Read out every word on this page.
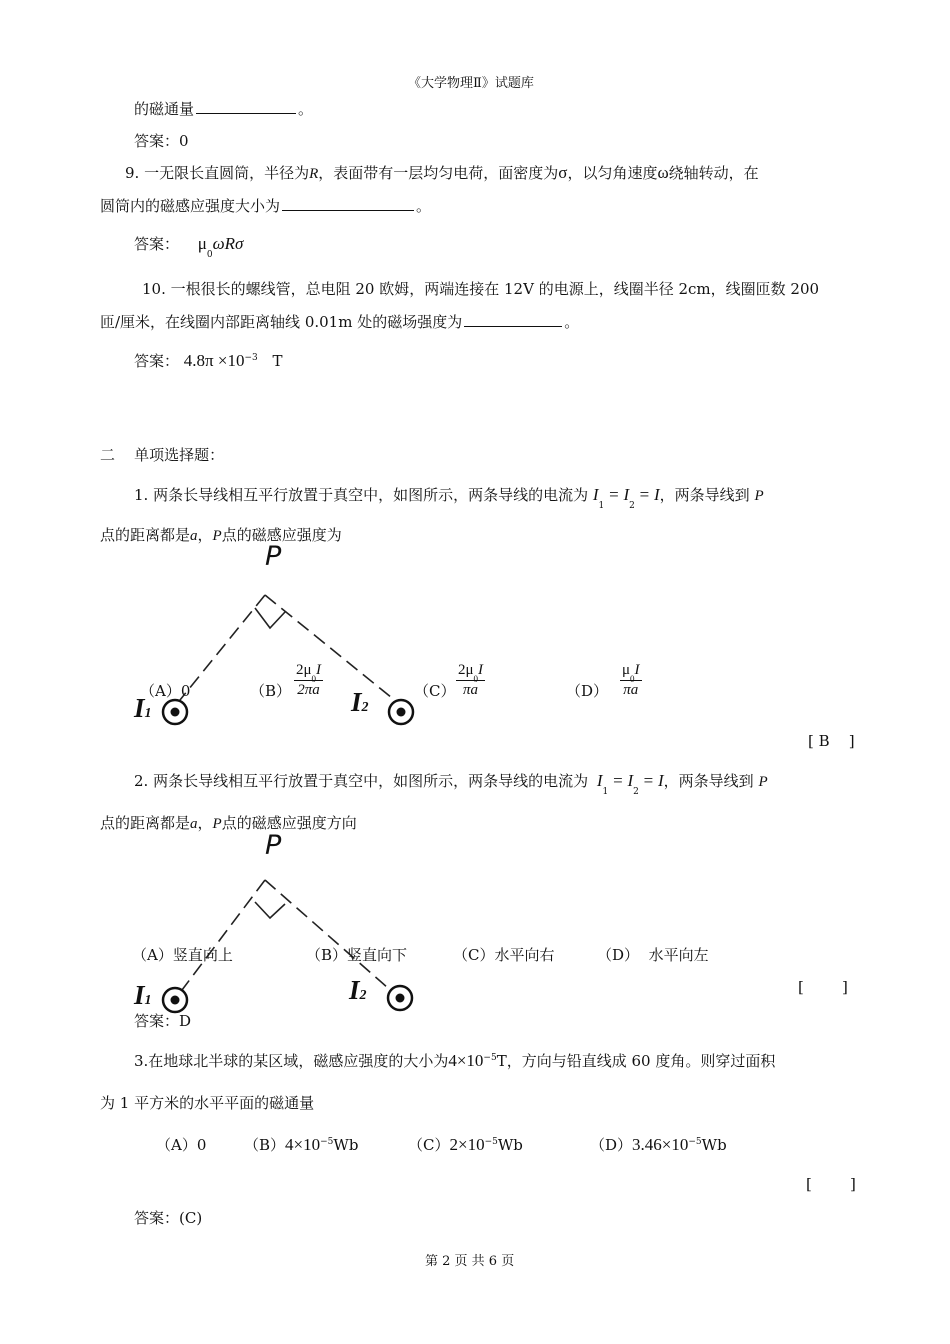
《大学物理Ⅱ》试题库
的磁通量	。
答案：0
9. 一无限长直圆筒，半径为R，表面带有一层均匀电荷，面密度为σ，以匀角速度ω绕轴转动，在
圆筒内的磁感应强度大小为	。
答案： $\mu_0\omega R\sigma$
10. 一根很长的螺线管，总电阻 20 欧姆，两端连接在 12V 的电源上，线圈半径 2cm，线圈匝数 200
匝/厘米，在线圈内部距离轴线 0.01m 处的磁场强度为	。
答案： $4.8\pi \times 10^{-3}$ T
二    单项选择题：
1. 两条长导线相互平行放置于真空中，如图所示，两条导线的电流为 $I_1 = I_2 = I$，两条导线到 P
点的距离都是a，P点的磁感应强度为
P
I1	I2
（A）0	$(B) \frac{2\mu_0I}{2\pi a}$	$(C) \frac{2\mu_0I}{\pi a}$	$(D) \frac{\mu_0I}{\pi a}$
[ B    ]
2. 两条长导线相互平行放置于真空中，如图所示，两条导线的电流为 $I_1 = I_2 = I$，两条导线到 P
点的距离都是a，P点的磁感应强度方向
P
I1	I2
（A）竖直向上	（B）竖直向下	（C）水平向右	（D）  水平向左
[        ]
答案：D
3.在地球北半球的某区域，磁感应强度的大小为$4\times 10^{-5}T$，方向与铅直线成 60 度角。则穿过面积
为 1 平方米的水平平面的磁通量
（A）0	$(B)4\times 10^{-5}Wb$	$(C)2\times 10^{-5}Wb$	$(D)3.46\times 10^{-5}Wb$
[        ]
答案：(C)
第 2 页 共 6 页
